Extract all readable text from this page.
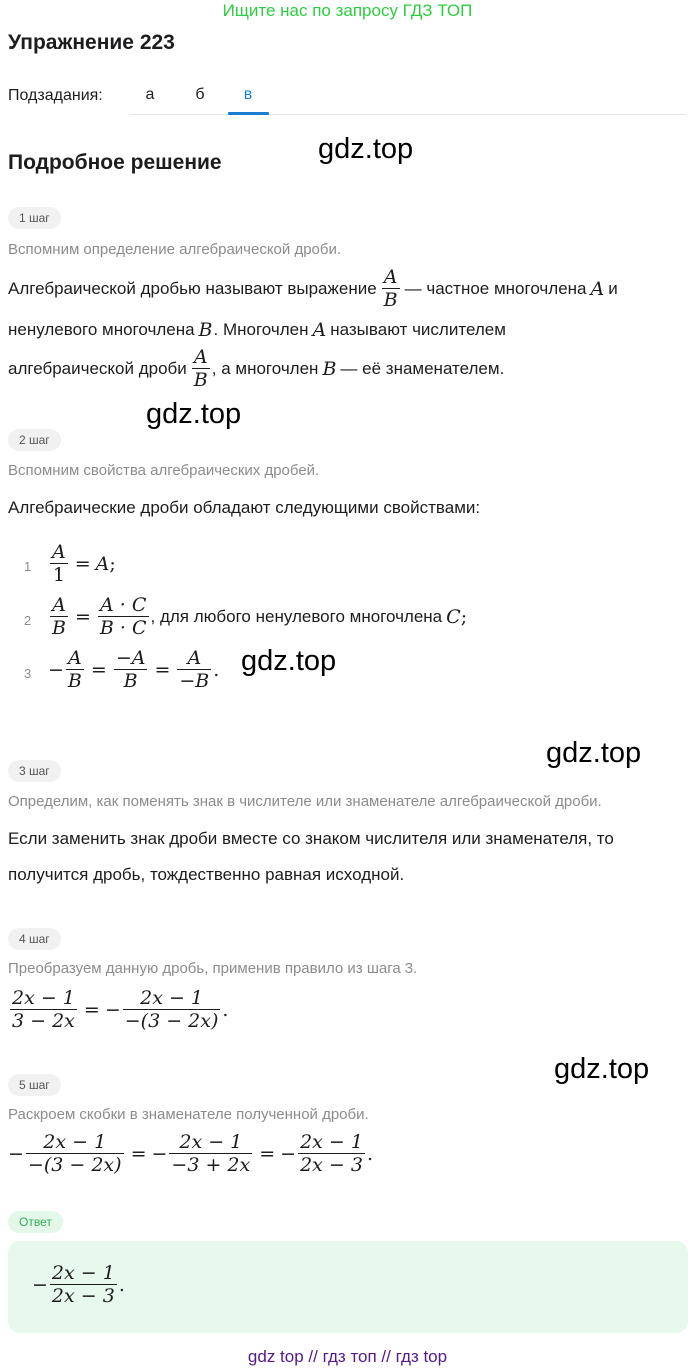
Ищите нас по запросу ГДЗ ТОП
Упражнение 223
Подзадания:	а	б	в
Подробное решение	gdz.top
gdz.top
gdz.top
gdz.top
gdz.top
1 шаг
Вспомним определение алгебраической дроби.
Алгебраической дробью называют выражение $\frac{A}{B}$ — частное многочлена A и
ненулевого многочлена B . Многочлен A называют числителем
алгебраической дроби $\frac{A}{B}$ , а многочлен B — её знаменателем.
2 шаг
Вспомним свойства алгебраических дробей.
Алгебраические дроби обладают следующими свойствами:
$1 \frac{A}{1} = A$ ;
$2 \frac{A}{B} = \frac{A \cdot C}{B \cdot C}$ , для любого ненулевого многочлена C ;
$3 - \frac{A}{B} = \frac{-A}{B} = \frac{A}{-B}$ .
3 шаг
Определим, как поменять знак в числителе или знаменателе алгебраической дроби.
Если заменить знак дроби вместе со знаком числителя или знаменателя, то
получится дробь, тождественно равная исходной.
4 шаг
Преобразуем данную дробь, применив правило из шага 3 .
$\frac{2x - 1}{3 - 2x}$ = − $\frac{2x - 1}{-(3 - 2x)}$ .
5 шаг
Раскроем скобки в знаменателе полученной дроби.
− $\frac{2x - 1}{-(3 - 2x)}$ = − $\frac{2x - 1}{-3 + 2x}$ = − $\frac{2x - 1}{2x - 3}$ .
Ответ
− $\frac{2x - 1}{2x - 3}$ .
gdz top // гдз топ // гдз top
